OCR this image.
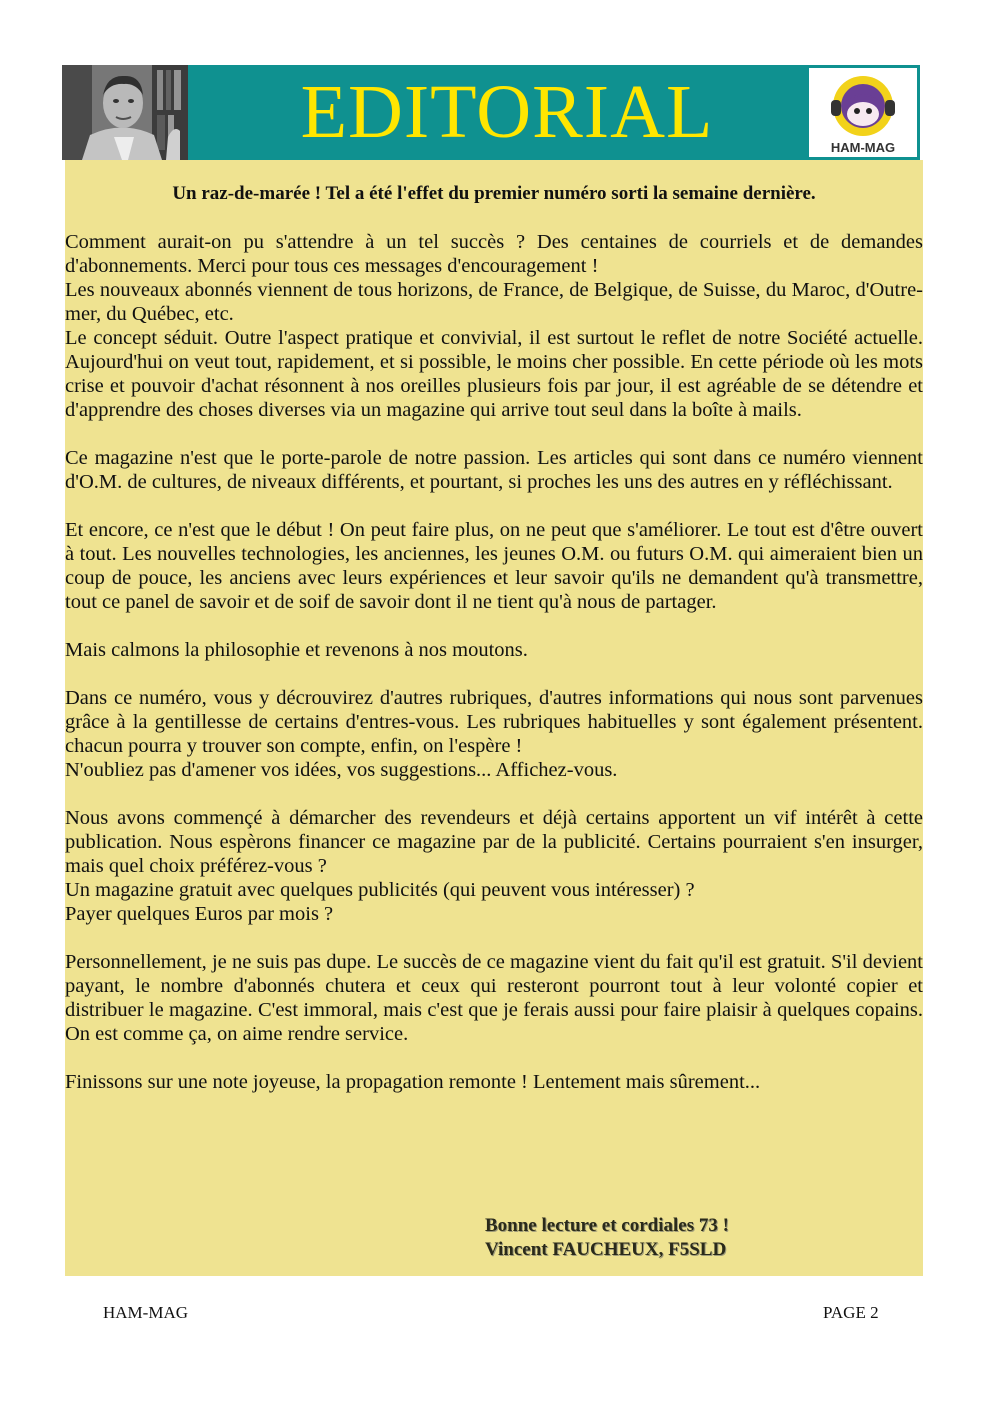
EDITORIAL	HAM-MAG
Un raz-de-marée ! Tel a été l'effet du premier numéro sorti la semaine dernière.

Comment aurait-on pu s'attendre à un tel succès ? Des centaines de courriels et de demandes d'abonnements. Merci pour tous ces messages d'encouragement !
Les nouveaux abonnés viennent de tous horizons, de France, de Belgique, de Suisse, du Maroc, d'Outre-mer, du Québec, etc.
Le concept séduit. Outre l'aspect pratique et convivial, il est surtout le reflet de notre Société actuelle. Aujourd'hui on veut tout, rapidement, et si possible, le moins cher possible. En cette période où les mots crise et pouvoir d'achat résonnent à nos oreilles plusieurs fois par jour, il est agréable de se détendre et d'apprendre des choses diverses via un magazine qui arrive tout seul dans la boîte à mails.

Ce magazine n'est que le porte-parole de notre passion. Les articles qui sont dans ce numéro viennent d'O.M. de cultures, de niveaux différents, et pourtant, si proches les uns des autres en y réfléchissant.

Et encore, ce n'est que le début ! On peut faire plus, on ne peut que s'améliorer. Le tout est d'être ouvert à tout. Les nouvelles technologies, les anciennes, les jeunes O.M. ou futurs O.M. qui aimeraient bien un coup de pouce, les anciens avec leurs expériences et leur savoir qu'ils ne demandent qu'à transmettre, tout ce panel de savoir et de soif de savoir dont il ne tient qu'à nous de partager.

Mais calmons la philosophie et revenons à nos moutons.

Dans ce numéro, vous y décrouvirez d'autres rubriques, d'autres informations qui nous sont parvenues grâce à la gentillesse de certains d'entres-vous. Les rubriques habituelles y sont également présentent. chacun pourra y trouver son compte, enfin, on l'espère !
N'oubliez pas d'amener vos idées, vos suggestions... Affichez-vous.

Nous avons commençé à démarcher des revendeurs et déjà certains apportent un vif intérêt à cette publication. Nous espèrons financer ce magazine par de la publicité. Certains pourraient s'en insurger, mais quel choix préférez-vous ?
Un magazine gratuit avec quelques publicités (qui peuvent vous intéresser) ?
Payer quelques Euros par mois ?

Personnellement, je ne suis pas dupe. Le succès de ce magazine vient du fait qu'il est gratuit. S'il devient payant, le nombre d'abonnés chutera et ceux qui resteront pourront tout à leur volonté copier et distribuer le magazine. C'est immoral, mais c'est que je ferais aussi pour faire plaisir à quelques copains. On est comme ça, on aime rendre service.

Finissons sur une note joyeuse, la propagation remonte ! Lentement mais sûrement...

Bonne lecture et cordiales 73 !
Vincent FAUCHEUX, F5SLD
HAM-MAG	PAGE 2
